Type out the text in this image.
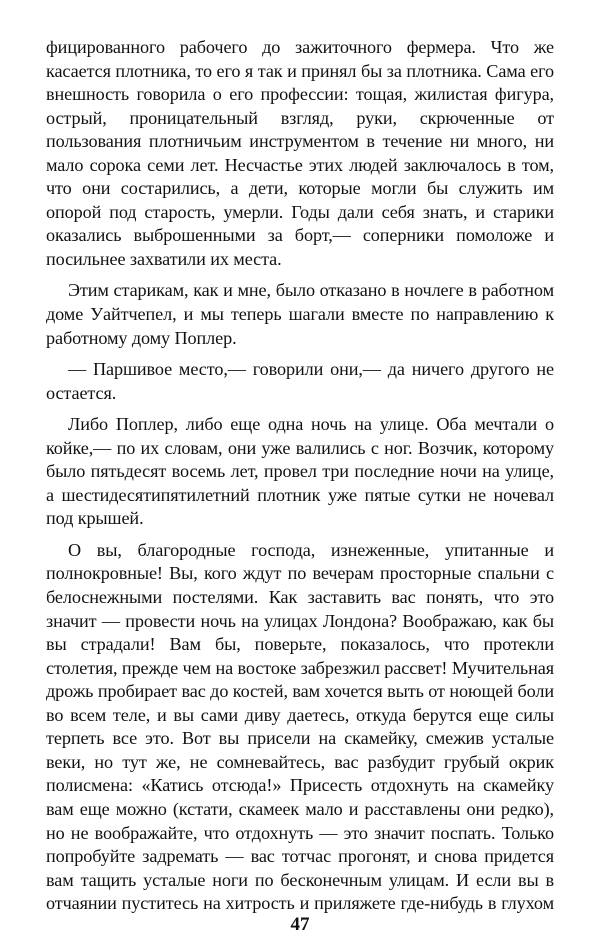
фицированного рабочего до зажиточного фермера. Что же касается плотника, то его я так и принял бы за плотника. Сама его внешность говорила о его профессии: тощая, жилистая фигура, острый, проницательный взгляд, руки, скрюченные от пользования плотничьим инструментом в течение ни много, ни мало сорока семи лет. Несчастье этих людей заключалось в том, что они состарились, а дети, которые могли бы служить им опорой под старость, умерли. Годы дали себя знать, и старики оказались выброшенными за борт,— соперники помоложе и посильнее захватили их места.

Этим старикам, как и мне, было отказано в ночлеге в работном доме Уайтчепел, и мы теперь шагали вместе по направлению к работному дому Поплер.

— Паршивое место,— говорили они,— да ничего другого не остается.

Либо Поплер, либо еще одна ночь на улице. Оба мечтали о койке,— по их словам, они уже валились с ног. Возчик, которому было пятьдесят восемь лет, провел три последние ночи на улице, а шестидесятипятилетний плотник уже пятые сутки не ночевал под крышей.

О вы, благородные господа, изнеженные, упитанные и полнокровные! Вы, кого ждут по вечерам просторные спальни с белоснежными постелями. Как заставить вас понять, что это значит — провести ночь на улицах Лондона? Воображаю, как бы вы страдали! Вам бы, поверьте, показалось, что протекли столетия, прежде чем на востоке забрезжил рассвет! Мучительная дрожь пробирает вас до костей, вам хочется выть от ноющей боли во всем теле, и вы сами диву даетесь, откуда берутся еще силы терпеть все это. Вот вы присели на скамейку, смежив усталые веки, но тут же, не сомневайтесь, вас разбудит грубый окрик полисмена: «Катись отсюда!» Присесть отдохнуть на скамейку вам еще можно (кстати, скамеек мало и расставлены они редко), но не воображайте, что отдохнуть — это значит поспать. Только попробуйте задремать — вас тотчас прогонят, и снова придется вам тащить усталые ноги по бесконечным улицам. И если вы в отчаянии пуститесь на хитрость и приляжете где-нибудь в глухом

47
